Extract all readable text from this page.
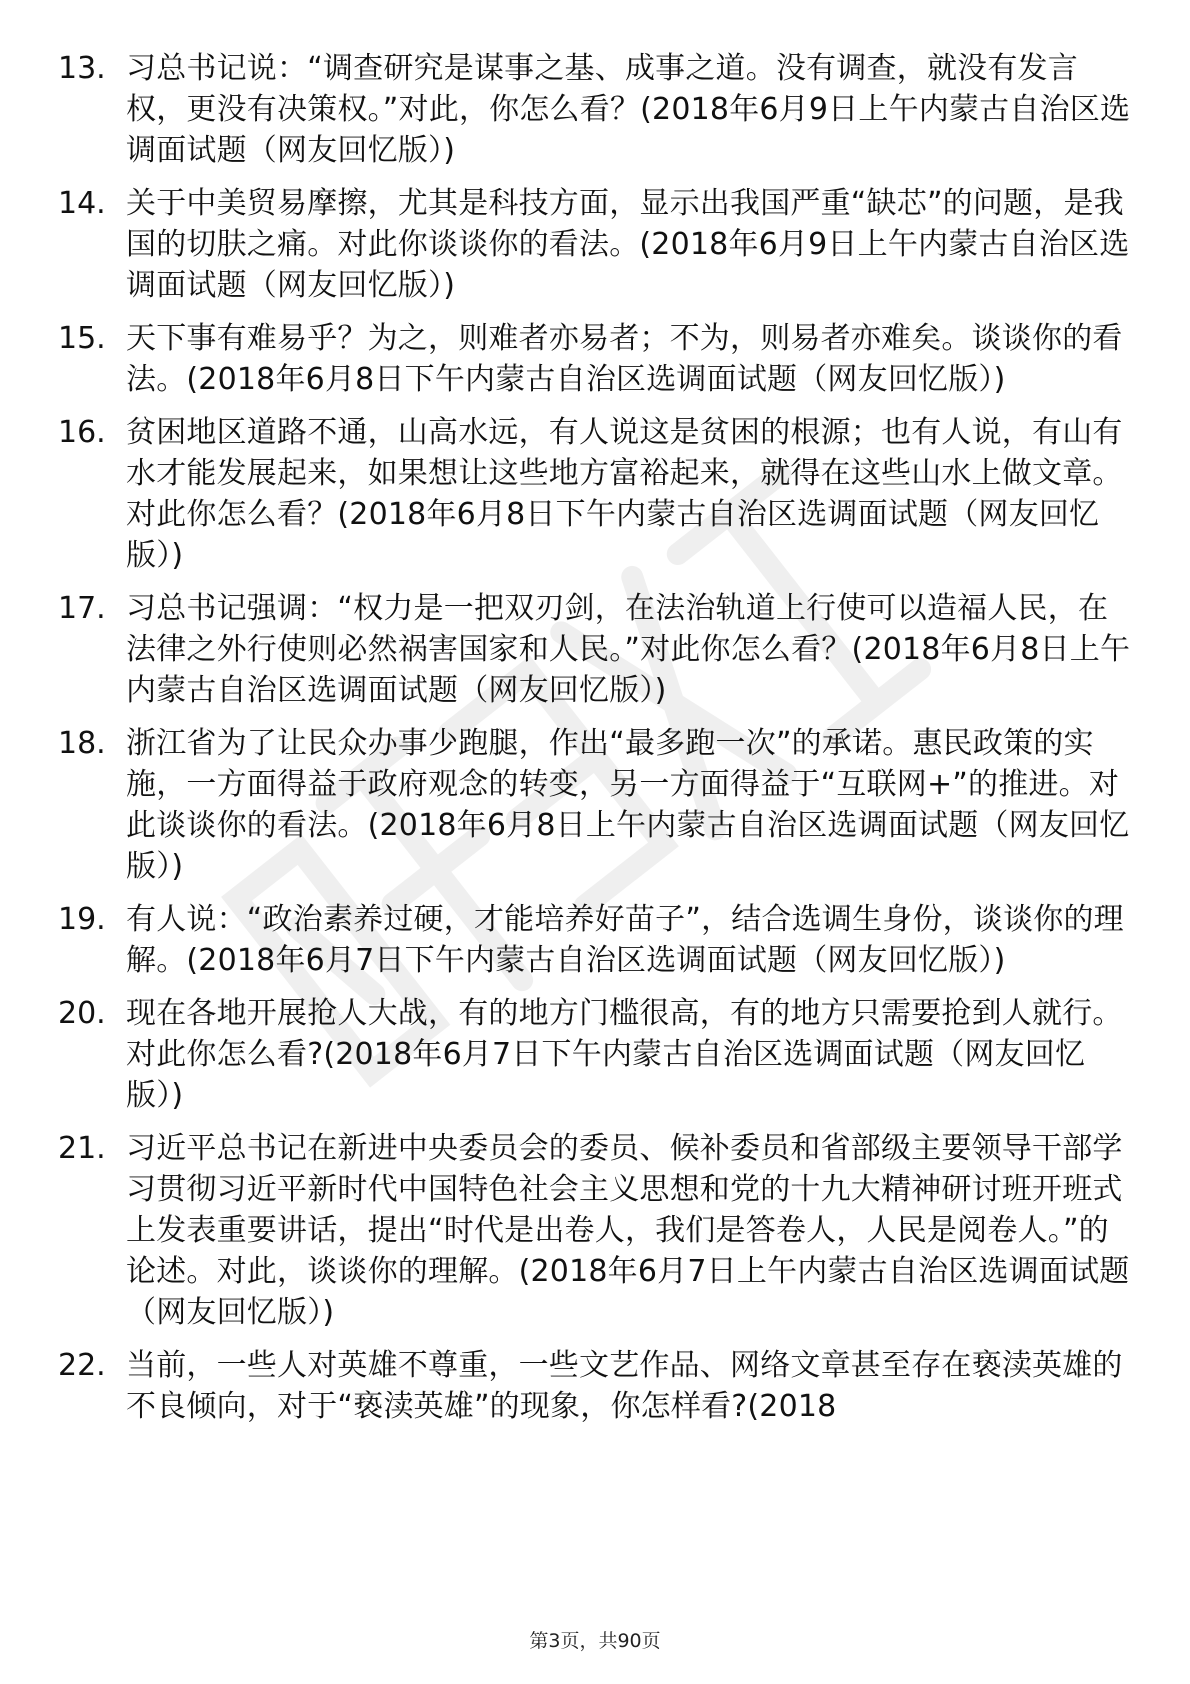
13. 习总书记说：“调查研究是谋事之基、成事之道。没有调查，就没有发言权，更没有决策权。”对此，你怎么看？(2018年6月9日上午内蒙古自治区选调面试题（网友回忆版）)
14. 关于中美贸易摩擦，尤其是科技方面，显示出我国严重“缺芯”的问题，是我国的切肤之痛。对此你谈谈你的看法。(2018年6月9日上午内蒙古自治区选调面试题（网友回忆版）)
15. 天下事有难易乎？为之，则难者亦易者；不为，则易者亦难矣。谈谈你的看法。(2018年6月8日下午内蒙古自治区选调面试题（网友回忆版）)
16. 贫困地区道路不通，山高水远，有人说这是贫困的根源；也有人说，有山有水才能发展起来，如果想让这些地方富裕起来，就得在这些山水上做文章。对此你怎么看？(2018年6月8日下午内蒙古自治区选调面试题（网友回忆版）)
17. 习总书记强调：“权力是一把双刃剑，在法治轨道上行使可以造福人民，在法律之外行使则必然祸害国家和人民。”对此你怎么看？(2018年6月8日上午内蒙古自治区选调面试题（网友回忆版）)
18. 浙江省为了让民众办事少跑腿，作出“最多跑一次”的承诺。惠民政策的实施，一方面得益于政府观念的转变，另一方面得益于“互联网+”的推进。对此谈谈你的看法。(2018年6月8日上午内蒙古自治区选调面试题（网友回忆版）)
19. 有人说：“政治素养过硬，才能培养好苗子”，结合选调生身份，谈谈你的理解。(2018年6月7日下午内蒙古自治区选调面试题（网友回忆版）)
20. 现在各地开展抢人大战，有的地方门槛很高，有的地方只需要抢到人就行。对此你怎么看?(2018年6月7日下午内蒙古自治区选调面试题（网友回忆版）)
21. 习近平总书记在新进中央委员会的委员、候补委员和省部级主要领导干部学习贯彻习近平新时代中国特色社会主义思想和党的十九大精神研讨班开班式上发表重要讲话，提出“时代是出卷人，我们是答卷人，人民是阅卷人。”的论述。对此，谈谈你的理解。(2018年6月7日上午内蒙古自治区选调面试题（网友回忆版）)
22. 当前，一些人对英雄不尊重，一些文艺作品、网络文章甚至存在亵渎英雄的不良倾向，对于“亵渎英雄”的现象，你怎样看?(2018
第3页，共90页
